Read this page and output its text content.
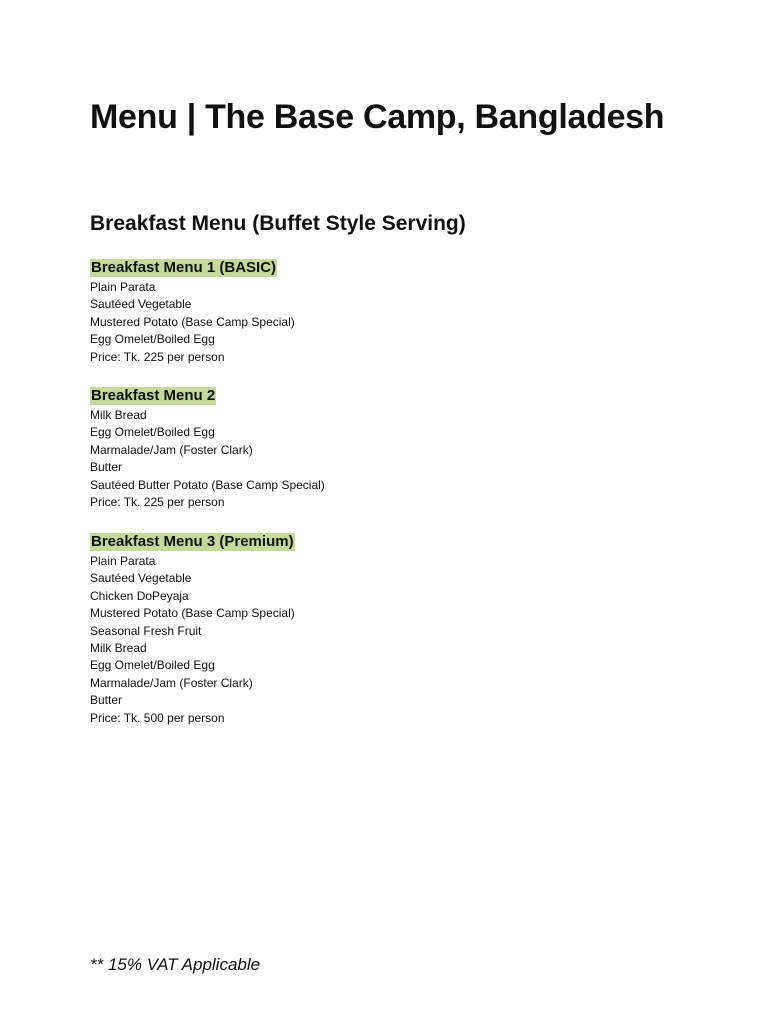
Menu | The Base Camp, Bangladesh
Breakfast Menu (Buffet Style Serving)
Breakfast Menu 1 (BASIC)
Plain Parata
Sautéed Vegetable
Mustered Potato (Base Camp Special)
Egg Omelet/Boiled Egg

Price: Tk. 225 per person

Breakfast Menu 2
Milk Bread
Egg Omelet/Boiled Egg
Marmalade/Jam (Foster Clark)
Butter
Sautéed Butter Potato (Base Camp Special)

Price: Tk. 225 per person

Breakfast Menu 3 (Premium)
Plain Parata
Sautéed Vegetable
Chicken DoPeyaja
Mustered Potato (Base Camp Special)
Seasonal Fresh Fruit
Milk Bread
Egg Omelet/Boiled Egg
Marmalade/Jam (Foster Clark)
Butter

Price: Tk. 500 per person

** 15% VAT Applicable
